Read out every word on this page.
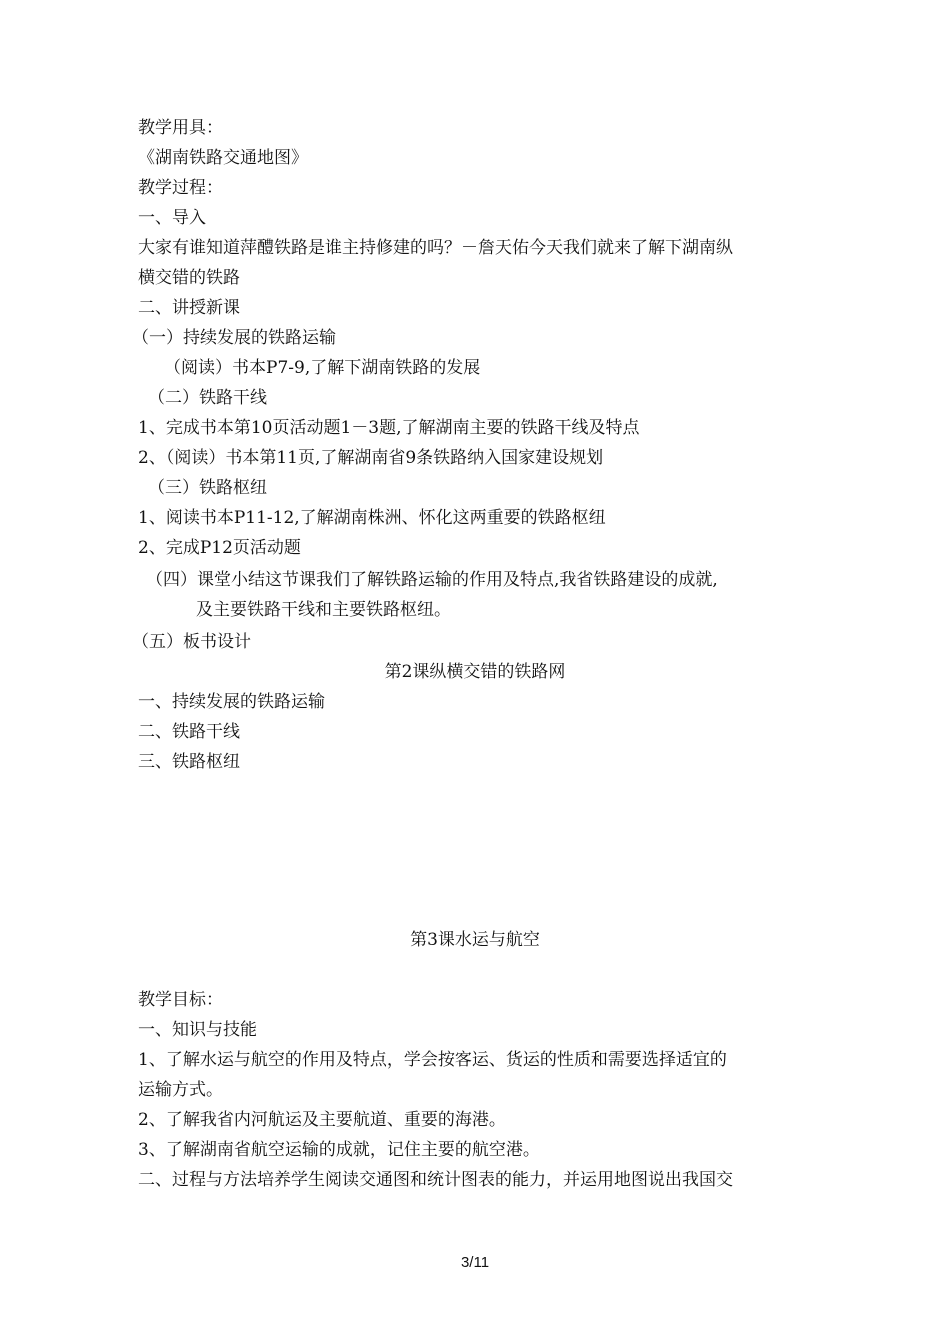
教学用具：
《湖南铁路交通地图》
教学过程：
一、导入
大家有谁知道萍醴铁路是谁主持修建的吗？－詹天佑今天我们就来了解下湖南纵
横交错的铁路
二、讲授新课
（一）持续发展的铁路运输
（阅读）书本P7-9,了解下湖南铁路的发展
（二）铁路干线
1、完成书本第10页活动题1－3题,了解湖南主要的铁路干线及特点
2、（阅读）书本第11页,了解湖南省9条铁路纳入国家建设规划
（三）铁路枢纽
1、阅读书本P11-12,了解湖南株洲、怀化这两重要的铁路枢纽
2、完成P12页活动题
（四）课堂小结这节课我们了解铁路运输的作用及特点,我省铁路建设的成就,
及主要铁路干线和主要铁路枢纽。
（五）板书设计
第2课纵横交错的铁路网
一、持续发展的铁路运输
二、铁路干线
三、铁路枢纽
第3课水运与航空
教学目标：
一、知识与技能
1、了解水运与航空的作用及特点，学会按客运、货运的性质和需要选择适宜的
运输方式。
2、了解我省内河航运及主要航道、重要的海港。
3、了解湖南省航空运输的成就，记住主要的航空港。
二、过程与方法培养学生阅读交通图和统计图表的能力，并运用地图说出我国交
3/11
